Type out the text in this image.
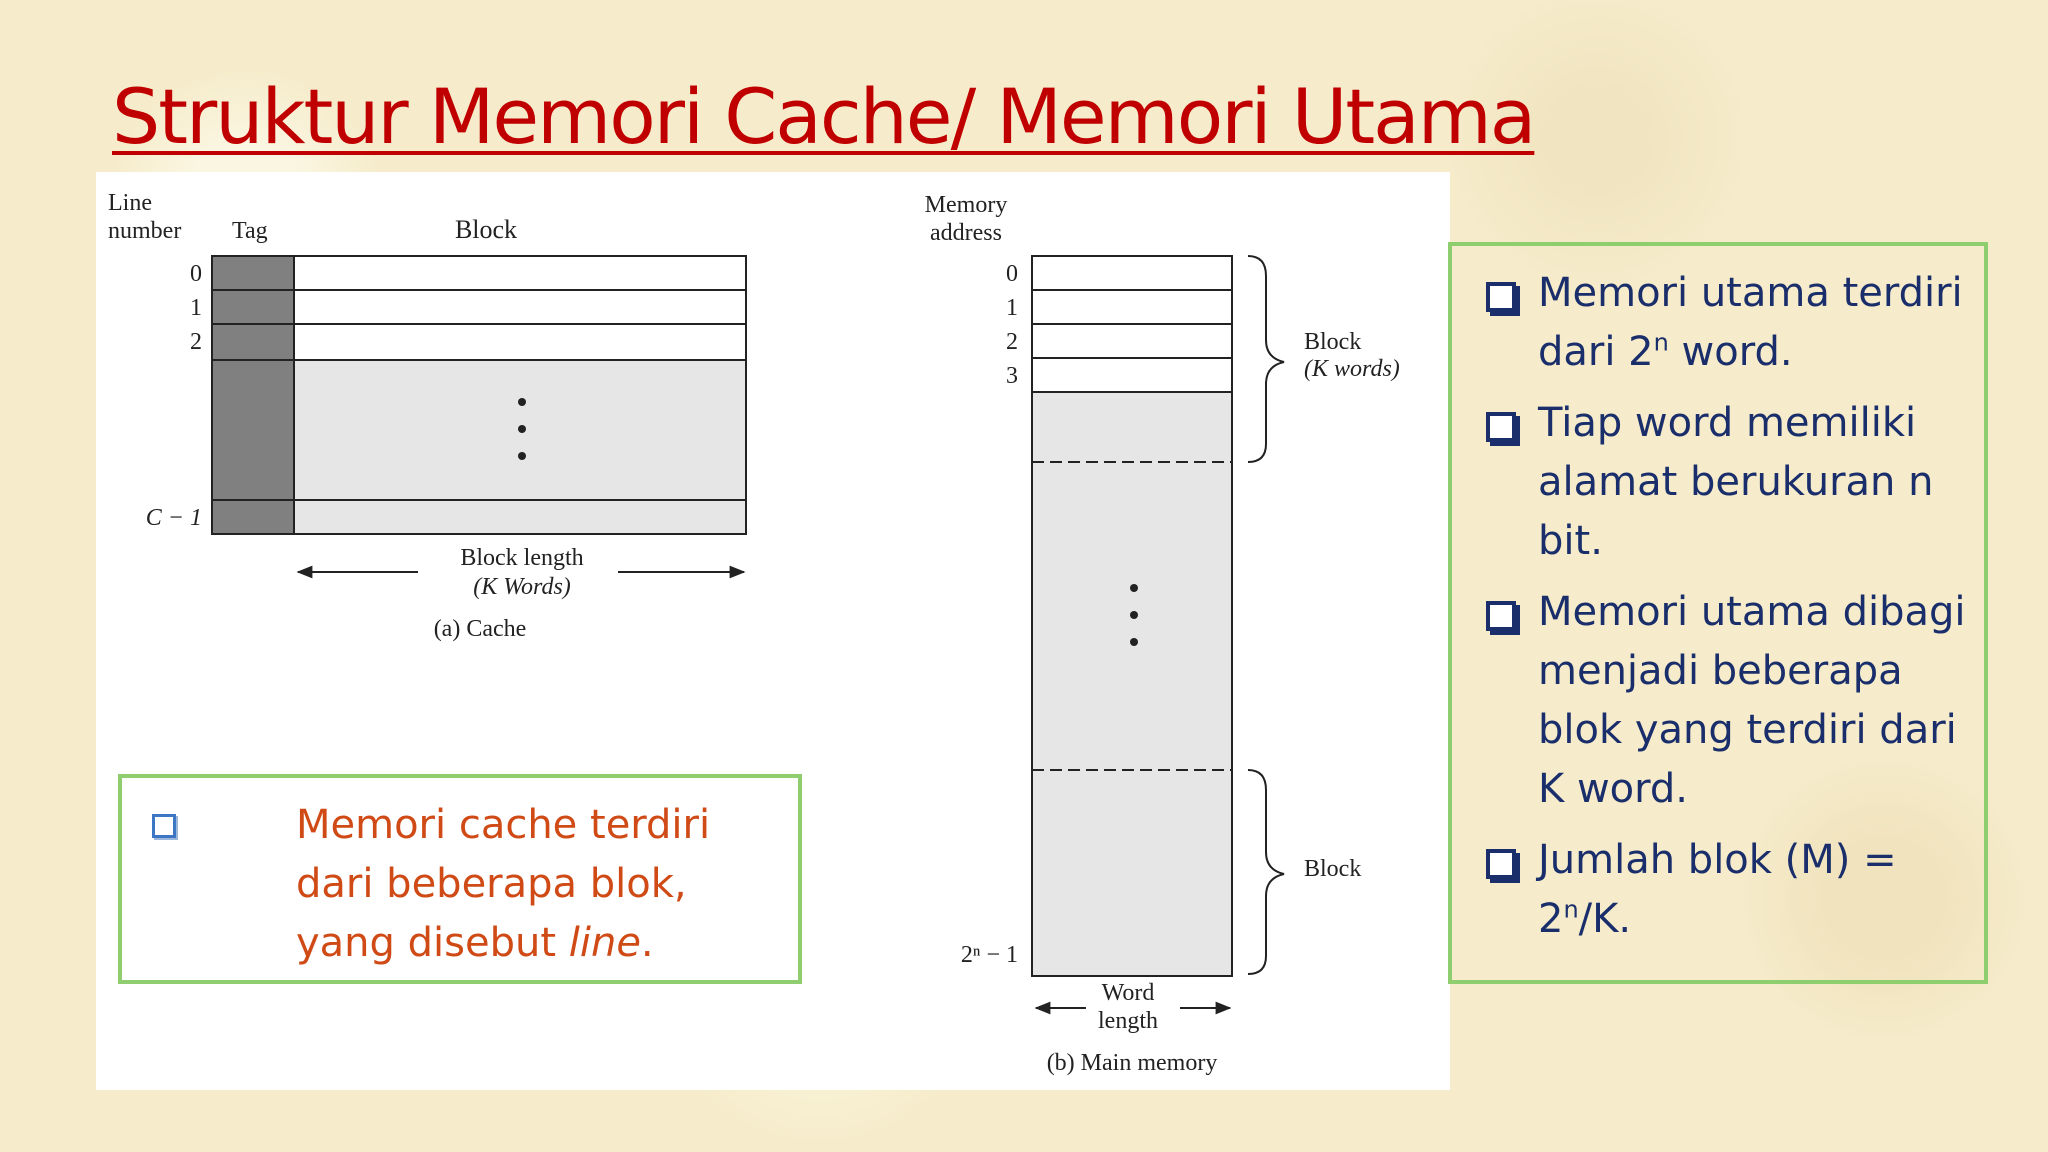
Struktur Memori Cache/ Memori Utama
Line
number Tag	Block
0
1
2
C − 1
Block length
(K Words)
(a) Cache
Memory
address
0
1
2
3
2ⁿ − 1
Block
(K words)
Block
Word
length
(b) Main memory
Memori cache terdiri dari beberapa blok, yang disebut line.
Memori utama terdiri dari 2$^n$ word.
Tiap word memiliki alamat berukuran n bit.
Memori utama dibagi menjadi beberapa blok yang terdiri dari K word.
Jumlah blok $(M) = 2^n/K$.
